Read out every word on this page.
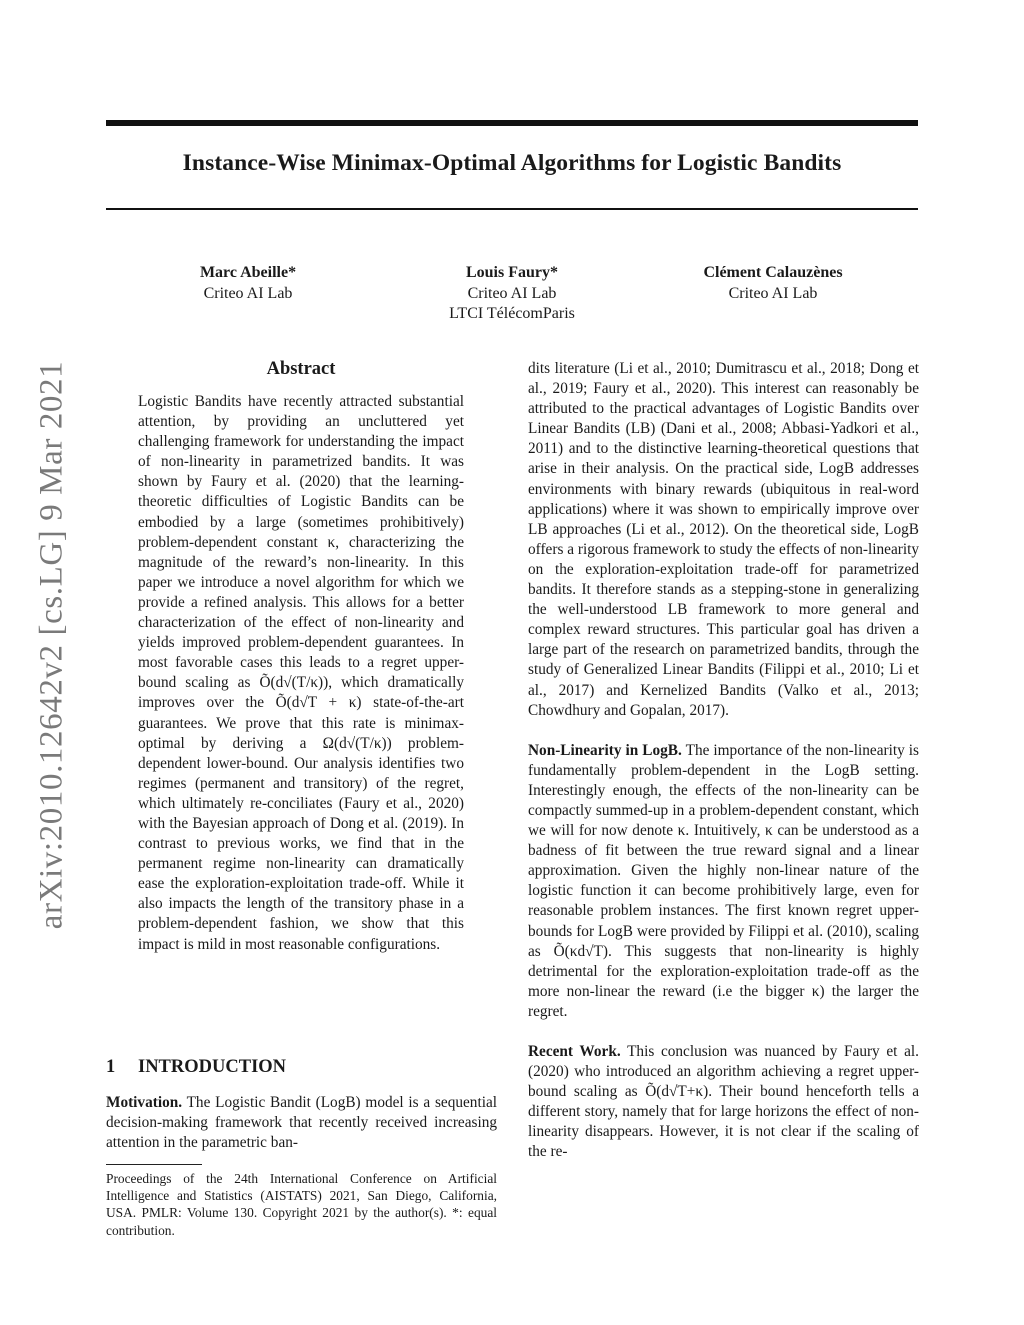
arXiv:2010.12642v2 [cs.LG] 9 Mar 2021
Instance-Wise Minimax-Optimal Algorithms for Logistic Bandits
Marc Abeille*
Criteo AI Lab
Louis Faury*
Criteo AI Lab
LTCI TélécomParis
Clément Calauzènes
Criteo AI Lab
Abstract

Logistic Bandits have recently attracted substantial attention, by providing an uncluttered yet challenging framework for understanding the impact of non-linearity in parametrized bandits. It was shown by Faury et al. (2020) that the learning-theoretic difficulties of Logistic Bandits can be embodied by a large (sometimes prohibitively) problem-dependent constant κ, characterizing the magnitude of the reward’s non-linearity. In this paper we introduce a novel algorithm for which we provide a refined analysis. This allows for a better characterization of the effect of non-linearity and yields improved problem-dependent guarantees. In most favorable cases this leads to a regret upper-bound scaling as Õ(d√(T/κ)), which dramatically improves over the Õ(d√T + κ) state-of-the-art guarantees. We prove that this rate is minimax-optimal by deriving a Ω(d√(T/κ)) problem-dependent lower-bound. Our analysis identifies two regimes (permanent and transitory) of the regret, which ultimately re-conciliates (Faury et al., 2020) with the Bayesian approach of Dong et al. (2019). In contrast to previous works, we find that in the permanent regime non-linearity can dramatically ease the exploration-exploitation trade-off. While it also impacts the length of the transitory phase in a problem-dependent fashion, we show that this impact is mild in most reasonable configurations.

1 INTRODUCTION
Motivation. The Logistic Bandit (LogB) model is a sequential decision-making framework that recently received increasing attention in the parametric ban-
Proceedings of the 24th International Conference on Artificial Intelligence and Statistics (AISTATS) 2021, San Diego, California, USA. PMLR: Volume 130. Copyright 2021 by the author(s). *: equal contribution.

dits literature (Li et al., 2010; Dumitrascu et al., 2018; Dong et al., 2019; Faury et al., 2020). This interest can reasonably be attributed to the practical advantages of Logistic Bandits over Linear Bandits (LB) (Dani et al., 2008; Abbasi-Yadkori et al., 2011) and to the distinctive learning-theoretical questions that arise in their analysis. On the practical side, LogB addresses environments with binary rewards (ubiquitous in real-word applications) where it was shown to empirically improve over LB approaches (Li et al., 2012). On the theoretical side, LogB offers a rigorous framework to study the effects of non-linearity on the exploration-exploitation trade-off for parametrized bandits. It therefore stands as a stepping-stone in generalizing the well-understood LB framework to more general and complex reward structures. This particular goal has driven a large part of the research on parametrized bandits, through the study of Generalized Linear Bandits (Filippi et al., 2010; Li et al., 2017) and Kernelized Bandits (Valko et al., 2013; Chowdhury and Gopalan, 2017).

Non-Linearity in LogB. The importance of the non-linearity is fundamentally problem-dependent in the LogB setting. Interestingly enough, the effects of the non-linearity can be compactly summed-up in a problem-dependent constant, which we will for now denote κ. Intuitively, κ can be understood as a badness of fit between the true reward signal and a linear approximation. Given the highly non-linear nature of the logistic function it can become prohibitively large, even for reasonable problem instances. The first known regret upper-bounds for LogB were provided by Filippi et al. (2010), scaling as Õ(κd√T). This suggests that non-linearity is highly detrimental for the exploration-exploitation trade-off as the more non-linear the reward (i.e the bigger κ) the larger the regret.

Recent Work. This conclusion was nuanced by Faury et al. (2020) who introduced an algorithm achieving a regret upper-bound scaling as Õ(d√T+κ). Their bound henceforth tells a different story, namely that for large horizons the effect of non-linearity disappears. However, it is not clear if the scaling of the re-
